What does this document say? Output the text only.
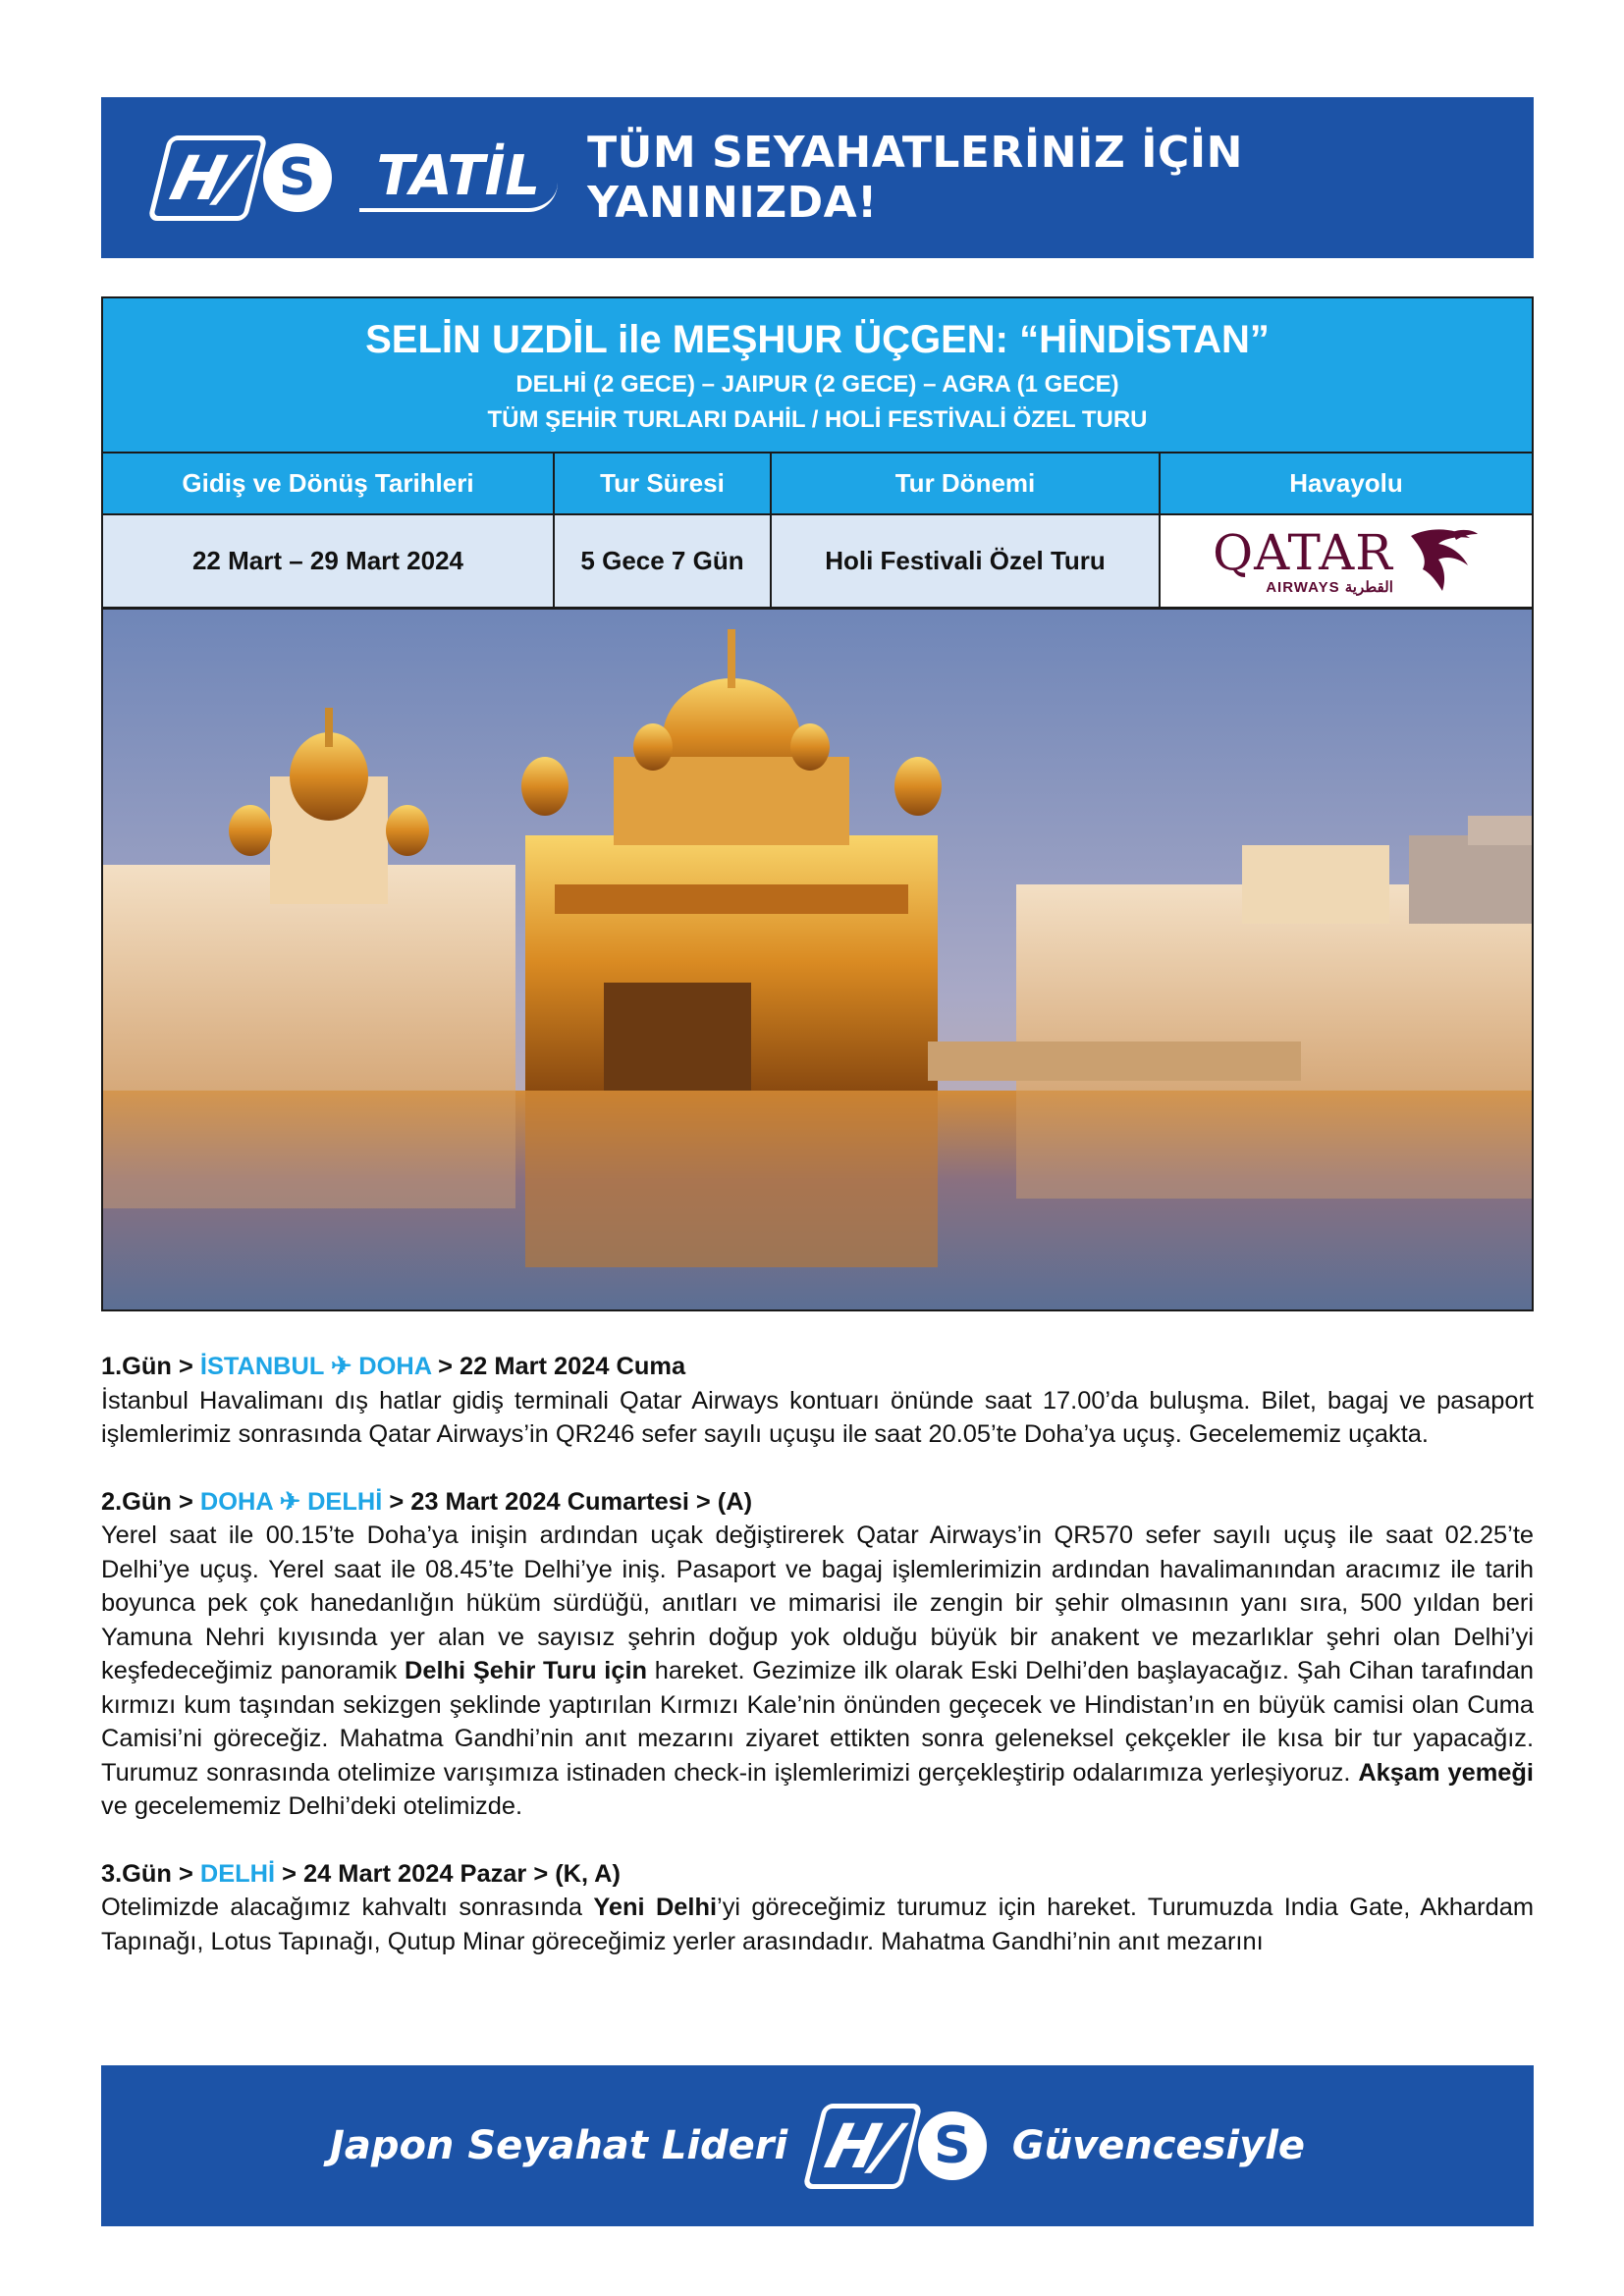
H/ S	TATİL	TÜM SEYAHATLERİNİZ İÇİN YANINIZDA!
SELİN UZDİL ile MEŞHUR ÜÇGEN: “HİNDİSTAN”
DELHİ (2 GECE) – JAIPUR (2 GECE) – AGRA (1 GECE)
TÜM ŞEHİR TURLARI DAHİL / HOLİ FESTİVALİ ÖZEL TURU
Gidiş ve Dönüş Tarihleri	Tur Süresi	Tur Dönemi	Havayolu
22 Mart – 29 Mart 2024	5 Gece 7 Gün	Holi Festivali Özel Turu	QATAR
AIRWAYS القطرية
1.Gün > İSTANBUL ✈ DOHA > 22 Mart 2024 Cuma
İstanbul Havalimanı dış hatlar gidiş terminali Qatar Airways kontuarı önünde saat 17.00’da buluşma. Bilet, bagaj ve pasaport işlemlerimiz sonrasında Qatar Airways’in QR246 sefer sayılı uçuşu ile saat 20.05’te Doha’ya uçuş. Gecelememiz uçakta.
2.Gün > DOHA ✈ DELHİ > 23 Mart 2024 Cumartesi > (A)
Yerel saat ile 00.15’te Doha’ya inişin ardından uçak değiştirerek Qatar Airways’in QR570 sefer sayılı uçuş ile saat 02.25’te Delhi’ye uçuş. Yerel saat ile 08.45’te Delhi’ye iniş. Pasaport ve bagaj işlemlerimizin ardından havalimanından aracımız ile tarih boyunca pek çok hanedanlığın hüküm sürdüğü, anıtları ve mimarisi ile zengin bir şehir olmasının yanı sıra, 500 yıldan beri Yamuna Nehri kıyısında yer alan ve sayısız şehrin doğup yok olduğu büyük bir anakent ve mezarlıklar şehri olan Delhi’yi keşfedeceğimiz panoramik Delhi Şehir Turu için hareket. Gezimize ilk olarak Eski Delhi’den başlayacağız. Şah Cihan tarafından kırmızı kum taşından sekizgen şeklinde yaptırılan Kırmızı Kale’nin önünden geçecek ve Hindistan’ın en büyük camisi olan Cuma Camisi’ni göreceğiz. Mahatma Gandhi’nin anıt mezarını ziyaret ettikten sonra geleneksel çekçekler ile kısa bir tur yapacağız. Turumuz sonrasında otelimize varışımıza istinaden check-in işlemlerimizi gerçekleştirip odalarımıza yerleşiyoruz. Akşam yemeği ve gecelememiz Delhi’deki otelimizde.
3.Gün > DELHİ > 24 Mart 2024 Pazar > (K, A)
Otelimizde alacağımız kahvaltı sonrasında Yeni Delhi’yi göreceğimiz turumuz için hareket. Turumuzda India Gate, Akhardam Tapınağı, Lotus Tapınağı, Qutup Minar göreceğimiz yerler arasındadır. Mahatma Gandhi’nin anıt mezarını
Japon Seyahat Lideri H/ S	Güvencesiyle
